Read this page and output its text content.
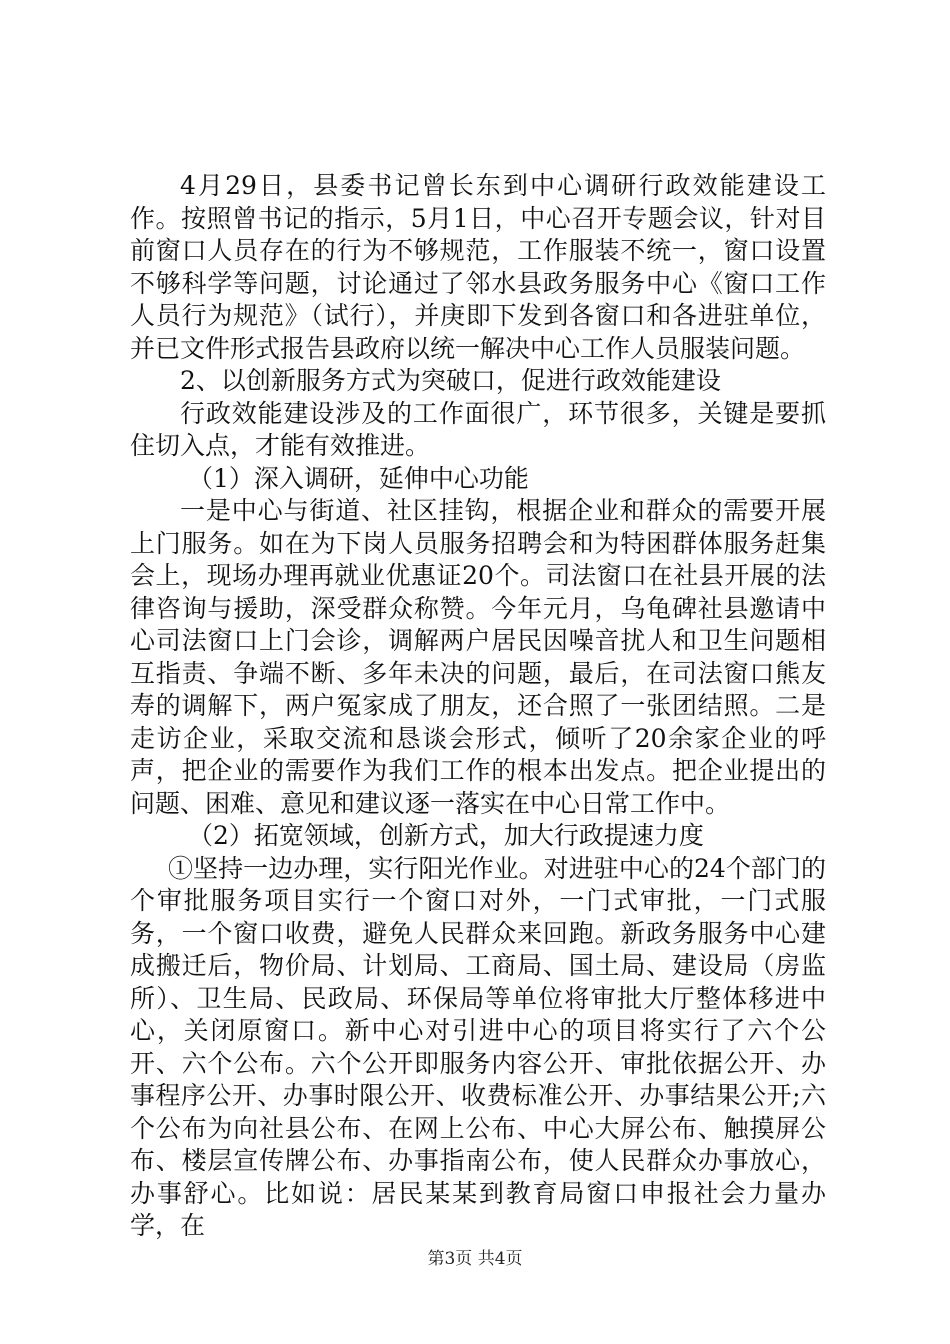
4月29日，县委书记曾长东到中心调研行政效能建设工作。按照曾书记的指示，5月1日，中心召开专题会议，针对目前窗口人员存在的行为不够规范，工作服装不统一，窗口设置不够科学等问题，讨论通过了邻水县政务服务中心《窗口工作人员行为规范》（试行），并庚即下发到各窗口和各进驻单位，并已文件形式报告县政府以统一解决中心工作人员服装问题。

2、以创新服务方式为突破口，促进行政效能建设

行政效能建设涉及的工作面很广，环节很多，关键是要抓住切入点，才能有效推进。

（1）深入调研，延伸中心功能

一是中心与街道、社区挂钩，根据企业和群众的需要开展上门服务。如在为下岗人员服务招聘会和为特困群体服务赶集会上，现场办理再就业优惠证20个。司法窗口在社县开展的法律咨询与援助，深受群众称赞。今年元月，乌龟碑社县邀请中心司法窗口上门会诊，调解两户居民因噪音扰人和卫生问题相互指责、争端不断、多年未决的问题，最后，在司法窗口熊友寿的调解下，两户冤家成了朋友，还合照了一张团结照。二是走访企业，采取交流和恳谈会形式，倾听了20余家企业的呼声，把企业的需要作为我们工作的根本出发点。把企业提出的问题、困难、意见和建议逐一落实在中心日常工作中。

（2）拓宽领域，创新方式，加大行政提速力度

①坚持一边办理，实行阳光作业。对进驻中心的24个部门的个审批服务项目实行一个窗口对外，一门式审批，一门式服务，一个窗口收费，避免人民群众来回跑。新政务服务中心建成搬迁后，物价局、计划局、工商局、国土局、建设局（房监所）、卫生局、民政局、环保局等单位将审批大厅整体移进中心，关闭原窗口。新中心对引进中心的项目将实行了六个公开、六个公布。六个公开即服务内容公开、审批依据公开、办事程序公开、办事时限公开、收费标准公开、办事结果公开;六个公布为向社县公布、在网上公布、中心大屏公布、触摸屏公布、楼层宣传牌公布、办事指南公布，使人民群众办事放心，办事舒心。比如说：居民某某到教育局窗口申报社会力量办学，在

第3页 共4页
